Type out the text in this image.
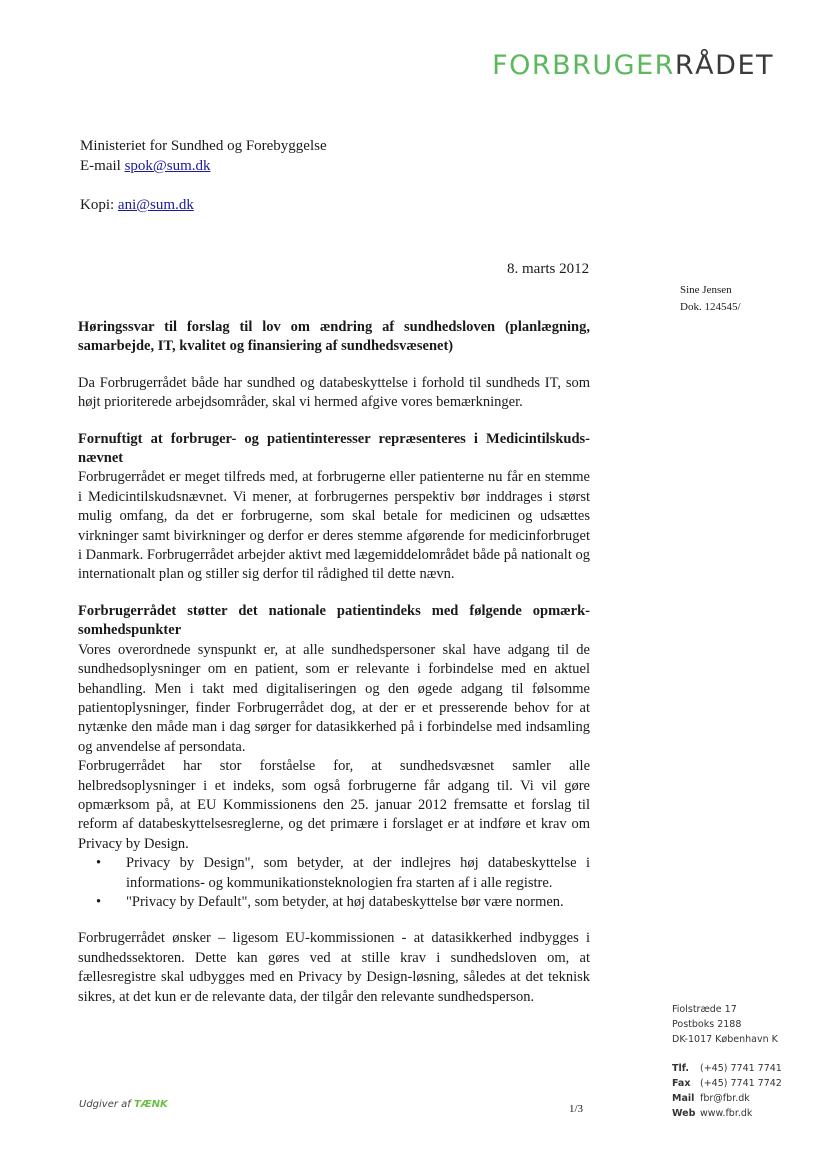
FORBRUGERRÅDET
Ministeriet for Sundhed og Forebyggelse
E-mail spok@sum.dk
Kopi: ani@sum.dk
8. marts 2012
Sine Jensen
Dok. 124545/

Høringssvar til forslag til lov om ændring af sundhedsloven (planlægning, samarbejde, IT, kvalitet og finansiering af sundhedsvæsenet)

Da Forbrugerrådet både har sundhed og databeskyttelse i forhold til sundheds IT, som højt prioriterede arbejdsområder, skal vi hermed afgive vores bemærkninger.

Fornuftigt at forbruger- og patientinteresser repræsenteres i Medicintilskuds-nævnet

Forbrugerrådet er meget tilfreds med, at forbrugerne eller patienterne nu får en stemme i Medicintilskudsnævnet. Vi mener, at forbrugernes perspektiv bør inddrages i størst mulig omfang, da det er forbrugerne, som skal betale for medicinen og udsættes virkninger samt bivirkninger og derfor er deres stemme afgørende for medicinforbruget i Danmark. Forbrugerrådet arbejder aktivt med lægemiddelområdet både på nationalt og internationalt plan og stiller sig derfor til rådighed til dette nævn.

Forbrugerrådet støtter det nationale patientindeks med følgende opmærk-somhedspunkter

Vores overordnede synspunkt er, at alle sundhedspersoner skal have adgang til de sundhedsoplysninger om en patient, som er relevante i forbindelse med en aktuel behandling. Men i takt med digitaliseringen og den øgede adgang til følsomme patientoplysninger, finder Forbrugerrådet dog, at der er et presserende behov for at nytænke den måde man i dag sørger for datasikkerhed på i forbindelse med indsamling og anvendelse af persondata.

Forbrugerrådet har stor forståelse for, at sundhedsvæsnet samler alle helbredsoplysninger i et indeks, som også forbrugerne får adgang til. Vi vil gøre opmærksom på, at EU Kommissionens den 25. januar 2012 fremsatte et forslag til reform af databeskyttelsesreglerne, og det primære i forslaget er at indføre et krav om Privacy by Design.

•	Privacy by Design", som betyder, at der indlejres høj databeskyttelse i informations- og kommunikationsteknologien fra starten af i alle registre.
•	"Privacy by Default", som betyder, at høj databeskyttelse bør være normen.

Forbrugerrådet ønsker – ligesom EU-kommissionen - at datasikkerhed indbygges i sundhedssektoren. Dette kan gøres ved at stille krav i sundhedsloven om, at fællesregistre skal udbygges med en Privacy by Design-løsning, således at det teknisk sikres, at det kun er de relevante data, der tilgår den relevante sundhedsperson.

Fiolstræde 17
Postboks 2188
DK-1017 København K
Tlf. (+45) 7741 7741
Fax (+45) 7741 7742
Mail fbr@fbr.dk
Web www.fbr.dk
Udgiver af TÆNK	1/3
